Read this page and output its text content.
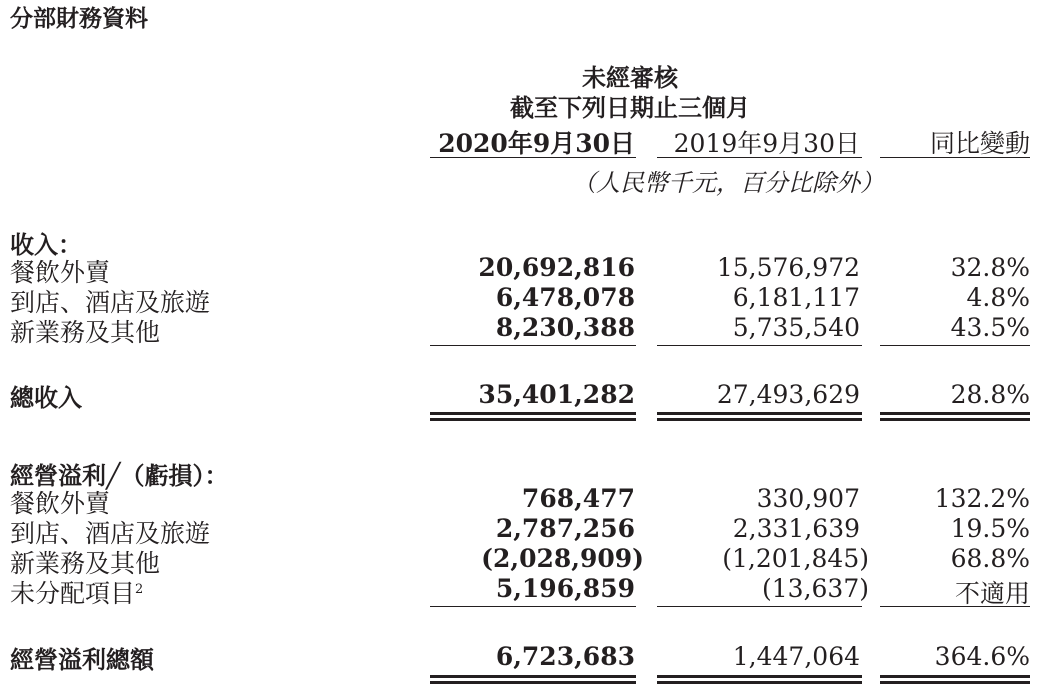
分部財務資料
未經審核
截至下列日期止三個月
2020年9月30日	2019年9月30日	同比變動
（人民幣千元，百分比除外）
收入：
餐飲外賣	20,692,816	15,576,972	32.8%
到店、酒店及旅遊	6,478,078	6,181,117	4.8%
新業務及其他	8,230,388	5,735,540	43.5%
總收入	35,401,282	27,493,629	28.8%
經營溢利╱（虧損）：
餐飲外賣	768,477	330,907	132.2%
到店、酒店及旅遊	2,787,256	2,331,639	19.5%
新業務及其他	(2,028,909)	(1,201,845)	68.8%
未分配項目$^2$	5,196,859	(13,637)	不適用
經營溢利總額	6,723,683	1,447,064	364.6%
